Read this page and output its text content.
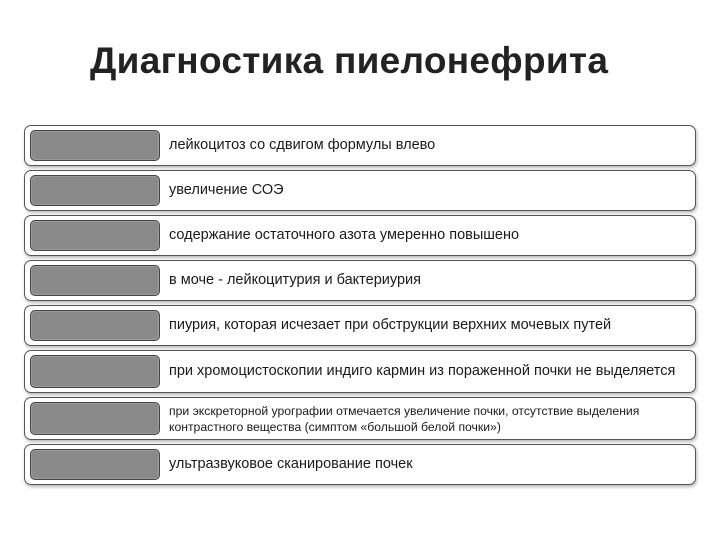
Диагностика пиелонефрита
лейкоцитоз со сдвигом формулы влево
увеличение СОЭ
содержание остаточного азота умеренно повышено
в моче - лейкоцитурия и бактериурия
пиурия, которая исчезает при обструкции верхних мочевых путей
при хромоцистоскопии индиго кармин из пораженной почки не выделяется
при экскреторной урографии отмечается увеличение почки, отсутствие выделения контрастного вещества (симптом «большой белой почки»)
ультразвуковое сканирование почек
